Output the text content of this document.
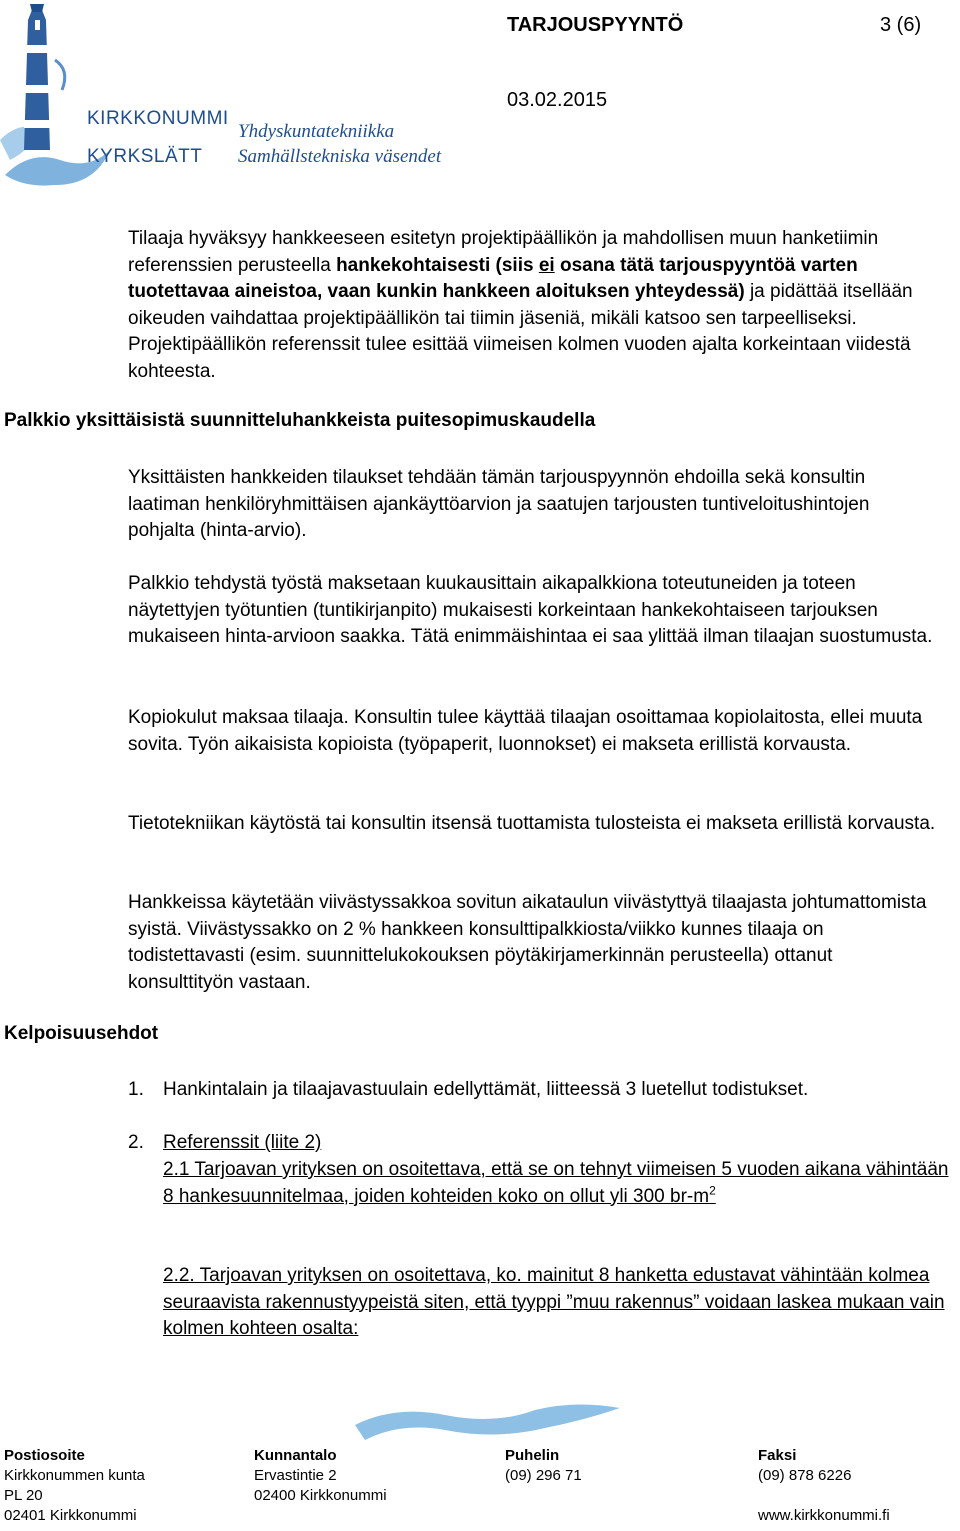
KIRKKONUMMI
KYRKSLÄTT
Yhdyskuntatekniikka
Samhällstekniska väsendet
TARJOUSPYYNTÖ	3 (6)
03.02.2015

Tilaaja hyväksyy hankkeeseen esitetyn projektipäällikön ja mahdollisen muun hanketiimin referenssien perusteella hankekohtaisesti (siis ei osana tätä tarjouspyyntöä varten tuotettavaa aineistoa, vaan kunkin hankkeen aloituksen yhteydessä) ja pidättää itsellään oikeuden vaihdattaa projektipäällikön tai tiimin jäseniä, mikäli katsoo sen tarpeelliseksi. Projektipäällikön referenssit tulee esittää viimeisen kolmen vuoden ajalta korkeintaan viidestä kohteesta.

Palkkio yksittäisistä suunnitteluhankkeista puitesopimuskaudella

Yksittäisten hankkeiden tilaukset tehdään tämän tarjouspyynnön ehdoilla sekä konsultin laatiman henkilöryhmittäisen ajankäyttöarvion ja saatujen tarjousten tuntiveloitushintojen pohjalta (hinta-arvio).

Palkkio tehdystä työstä maksetaan kuukausittain aikapalkkiona toteutuneiden ja toteen näytettyjen työtuntien (tuntikirjanpito) mukaisesti korkeintaan hankekohtaiseen tarjouksen mukaiseen hinta-arvioon saakka. Tätä enimmäishintaa ei saa ylittää ilman tilaajan suostumusta.

Kopiokulut maksaa tilaaja. Konsultin tulee käyttää tilaajan osoittamaa kopiolaitosta, ellei muuta sovita. Työn aikaisista kopioista (työpaperit, luonnokset) ei makseta erillistä korvausta.

Tietotekniikan käytöstä tai konsultin itsensä tuottamista tulosteista ei makseta erillistä korvausta.

Hankkeissa käytetään viivästyssakkoa sovitun aikataulun viivästyttyä tilaajasta johtumattomista syistä. Viivästyssakko on 2 % hankkeen konsulttipalkkiosta/viikko kunnes tilaaja on todistettavasti (esim. suunnittelukokouksen pöytäkirjamerkinnän perusteella) ottanut konsulttityön vastaan.

Kelpoisuusehdot
1. Hankintalain ja tilaajavastuulain edellyttämät, liitteessä 3 luetellut todistukset.

2. Referenssit (liite 2)

2.1 Tarjoavan yrityksen on osoitettava, että se on tehnyt viimeisen 5 vuoden aikana vähintään 8 hankesuunnitelmaa, joiden kohteiden koko on ollut yli 300 $br-m^2$

2.2. Tarjoavan yrityksen on osoitettava, ko. mainitut 8 hanketta edustavat vähintään kolmea seuraavista rakennustyypeistä siten, että tyyppi ”muu rakennus” voidaan laskea mukaan vain kolmen kohteen osalta:

Postiosoite
Kirkkonummen kunta
PL 20
02401 Kirkkonummi
Kunnantalo
Ervastintie 2
02400 Kirkkonummi
Puhelin
(09) 296 71
Faksi
(09) 878 6226

www.kirkkonummi.fi
